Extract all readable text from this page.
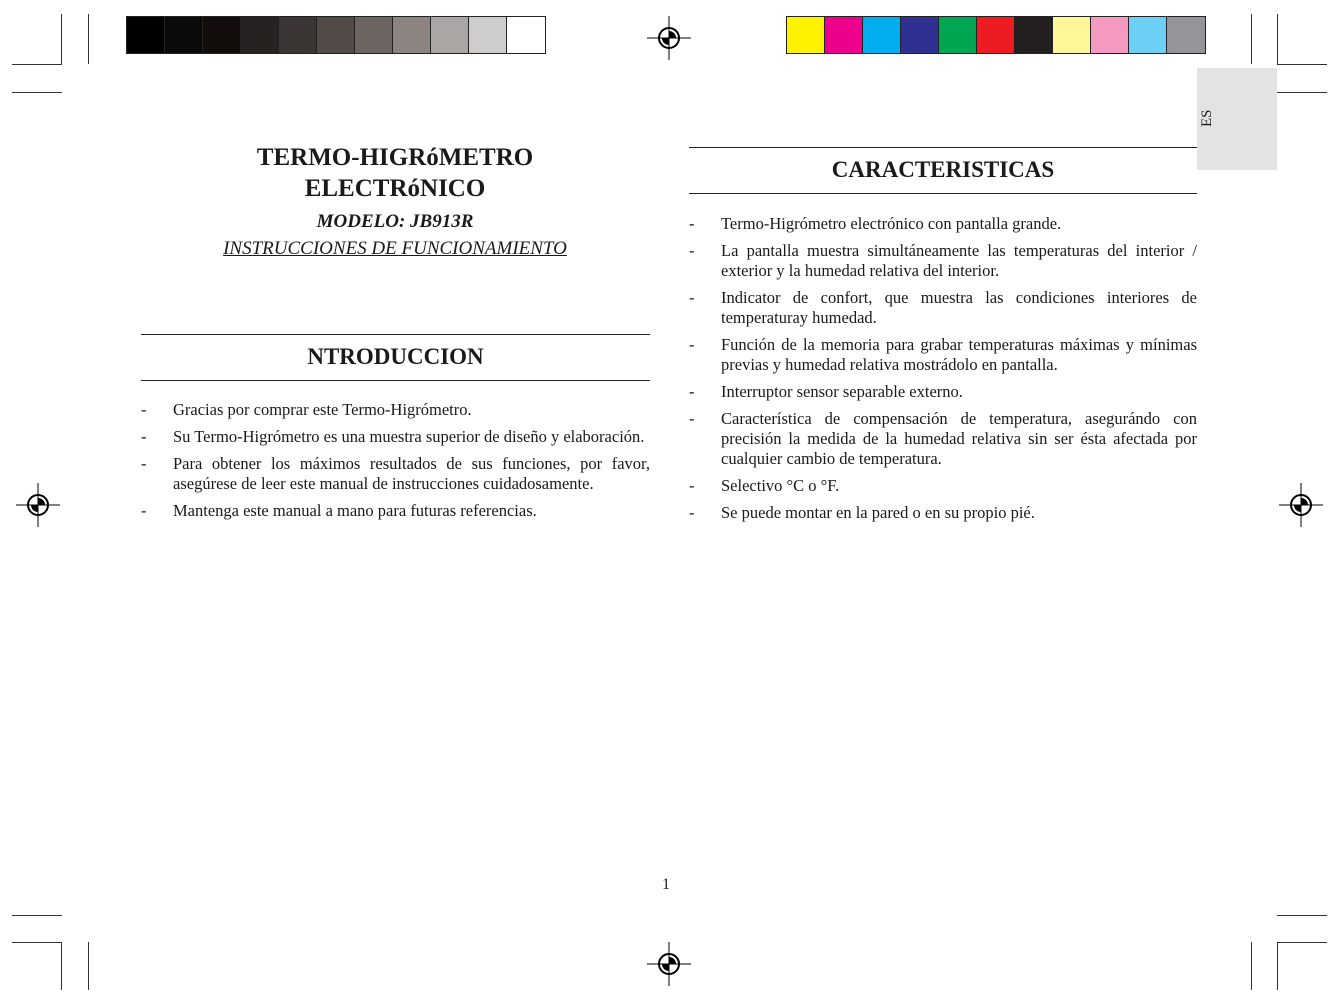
ES
TERMO-HIGRóMETRO
ELECTRóNICO
MODELO: JB913R
INSTRUCCIONES DE FUNCIONAMIENTO
NTRODUCCION
- Gracias por comprar este Termo-Higrómetro.
- Su Termo-Higrómetro es una muestra superior de diseño y elaboración.
- Para obtener los máximos resultados de sus funciones, por favor, asegúrese de leer este manual de instrucciones cuidadosamente.
- Mantenga este manual a mano para futuras referencias.
CARACTERISTICAS
- Termo-Higrómetro electrónico con pantalla grande.
- La pantalla muestra simultáneamente las temperaturas del interior / exterior y la humedad relativa del interior.
- Indicator de confort, que muestra las condiciones interiores de temperaturay humedad.
- Función de la memoria para grabar temperaturas máximas y mínimas previas y humedad relativa mostrádolo en pantalla.
- Interruptor sensor separable externo.
- Característica de compensación de temperatura, asegurándo con precisión la medida de la humedad relativa sin ser ésta afectada por cualquier cambio de temperatura.
- Selectivo °C o °F.
- Se puede montar en la pared o en su propio pié.
1
